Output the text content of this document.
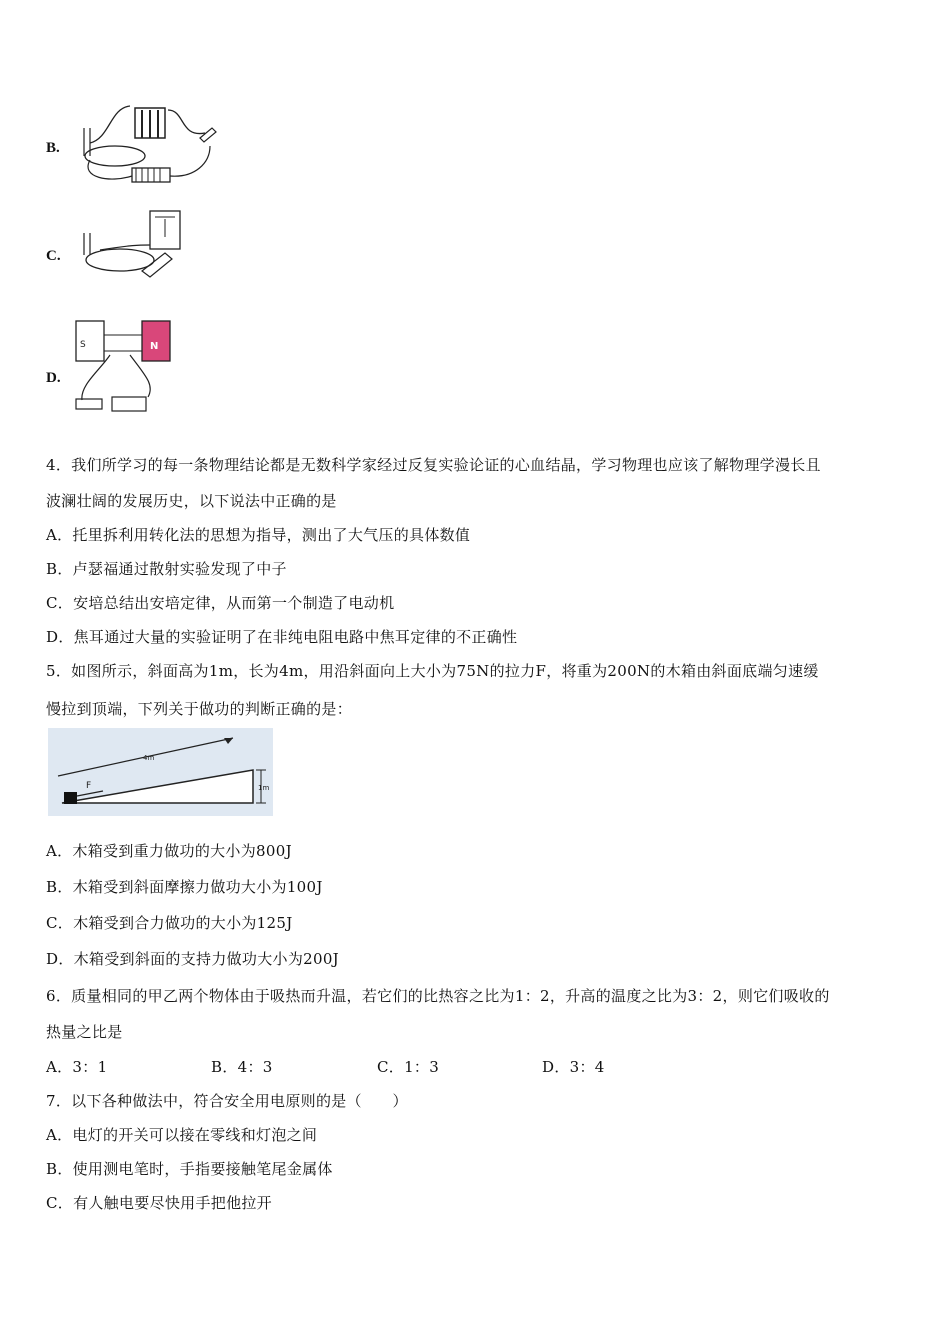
B.
C.
D.
S	N
4．我们所学习的每一条物理结论都是无数科学家经过反复实验论证的心血结晶，学习物理也应该了解物理学漫长且
波澜壮阔的发展历史，以下说法中正确的是
A．托里拆利用转化法的思想为指导，测出了大气压的具体数值
B．卢瑟福通过散射实验发现了中子
C．安培总结出安培定律，从而第一个制造了电动机
D．焦耳通过大量的实验证明了在非纯电阻电路中焦耳定律的不正确性
5．如图所示，斜面高为1m，长为4m，用沿斜面向上大小为75N的拉力F，将重为200N的木箱由斜面底端匀速缓
慢拉到顶端，下列关于做功的判断正确的是：
4m
1m
F
A．木箱受到重力做功的大小为800J
B．木箱受到斜面摩擦力做功大小为100J
C．木箱受到合力做功的大小为125J
D．木箱受到斜面的支持力做功大小为200J
6．质量相同的甲乙两个物体由于吸热而升温，若它们的比热容之比为1：2，升高的温度之比为3：2，则它们吸收的
热量之比是
A．3：1	B．4：3	C．1：3	D．3：4
7．以下各种做法中，符合安全用电原则的是（　　）
A．电灯的开关可以接在零线和灯泡之间
B．使用测电笔时，手指要接触笔尾金属体
C．有人触电要尽快用手把他拉开
